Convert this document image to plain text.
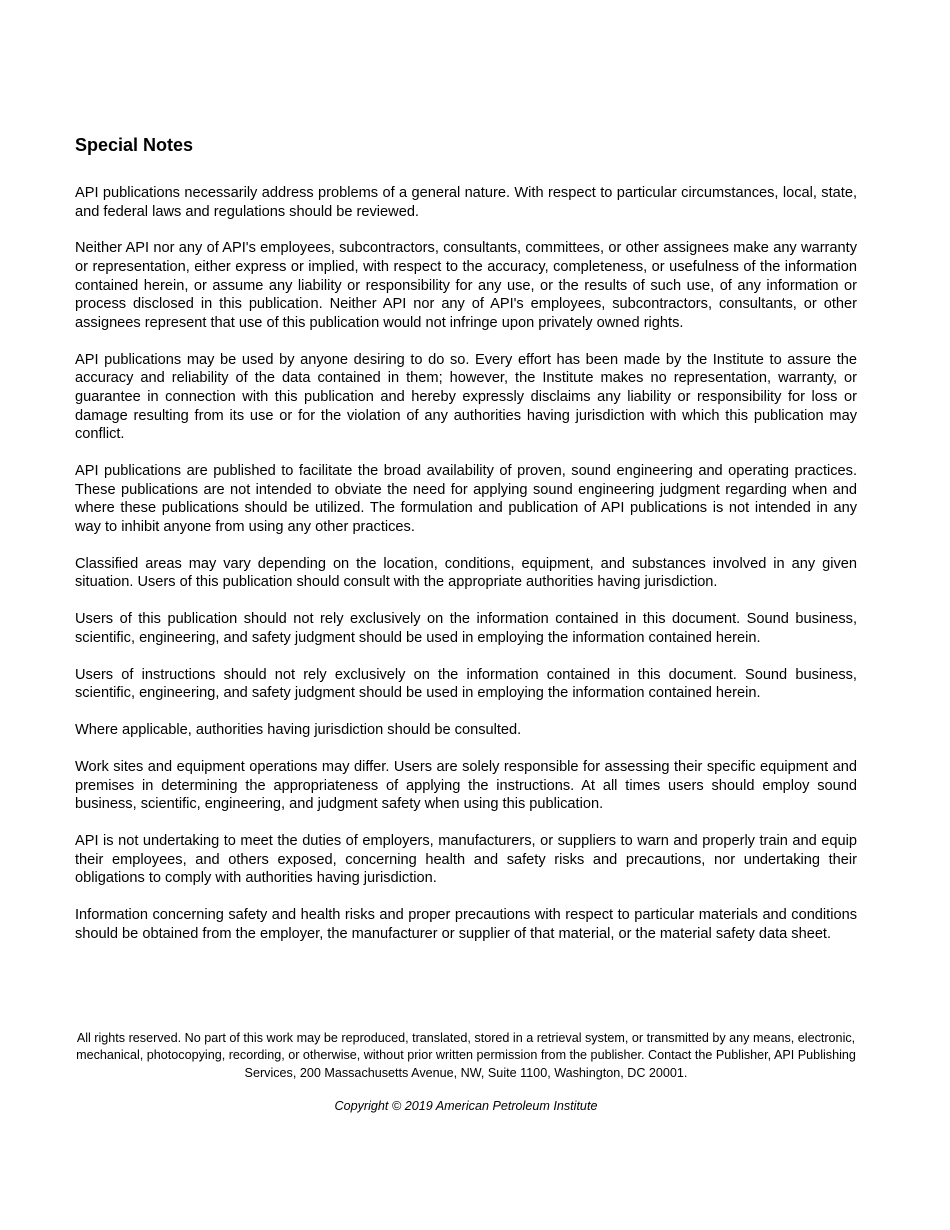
Special Notes

API publications necessarily address problems of a general nature. With respect to particular circumstances, local, state, and federal laws and regulations should be reviewed.

Neither API nor any of API's employees, subcontractors, consultants, committees, or other assignees make any warranty or representation, either express or implied, with respect to the accuracy, completeness, or usefulness of the information contained herein, or assume any liability or responsibility for any use, or the results of such use, of any information or process disclosed in this publication. Neither API nor any of API's employees, subcontractors, consultants, or other assignees represent that use of this publication would not infringe upon privately owned rights.

API publications may be used by anyone desiring to do so. Every effort has been made by the Institute to assure the accuracy and reliability of the data contained in them; however, the Institute makes no representation, warranty, or guarantee in connection with this publication and hereby expressly disclaims any liability or responsibility for loss or damage resulting from its use or for the violation of any authorities having jurisdiction with which this publication may conflict.

API publications are published to facilitate the broad availability of proven, sound engineering and operating practices. These publications are not intended to obviate the need for applying sound engineering judgment regarding when and where these publications should be utilized. The formulation and publication of API publications is not intended in any way to inhibit anyone from using any other practices.

Classified areas may vary depending on the location, conditions, equipment, and substances involved in any given situation. Users of this publication should consult with the appropriate authorities having jurisdiction.

Users of this publication should not rely exclusively on the information contained in this document. Sound business, scientific, engineering, and safety judgment should be used in employing the information contained herein.

Users of instructions should not rely exclusively on the information contained in this document. Sound business, scientific, engineering, and safety judgment should be used in employing the information contained herein.

Where applicable, authorities having jurisdiction should be consulted.

Work sites and equipment operations may differ. Users are solely responsible for assessing their specific equipment and premises in determining the appropriateness of applying the instructions. At all times users should employ sound business, scientific, engineering, and judgment safety when using this publication.

API is not undertaking to meet the duties of employers, manufacturers, or suppliers to warn and properly train and equip their employees, and others exposed, concerning health and safety risks and precautions, nor undertaking their obligations to comply with authorities having jurisdiction.

Information concerning safety and health risks and proper precautions with respect to particular materials and conditions should be obtained from the employer, the manufacturer or supplier of that material, or the material safety data sheet.

All rights reserved. No part of this work may be reproduced, translated, stored in a retrieval system, or transmitted by any means, electronic, mechanical, photocopying, recording, or otherwise, without prior written permission from the publisher. Contact the Publisher, API Publishing Services, 200 Massachusetts Avenue, NW, Suite 1100, Washington, DC 20001.

Copyright © 2019 American Petroleum Institute
